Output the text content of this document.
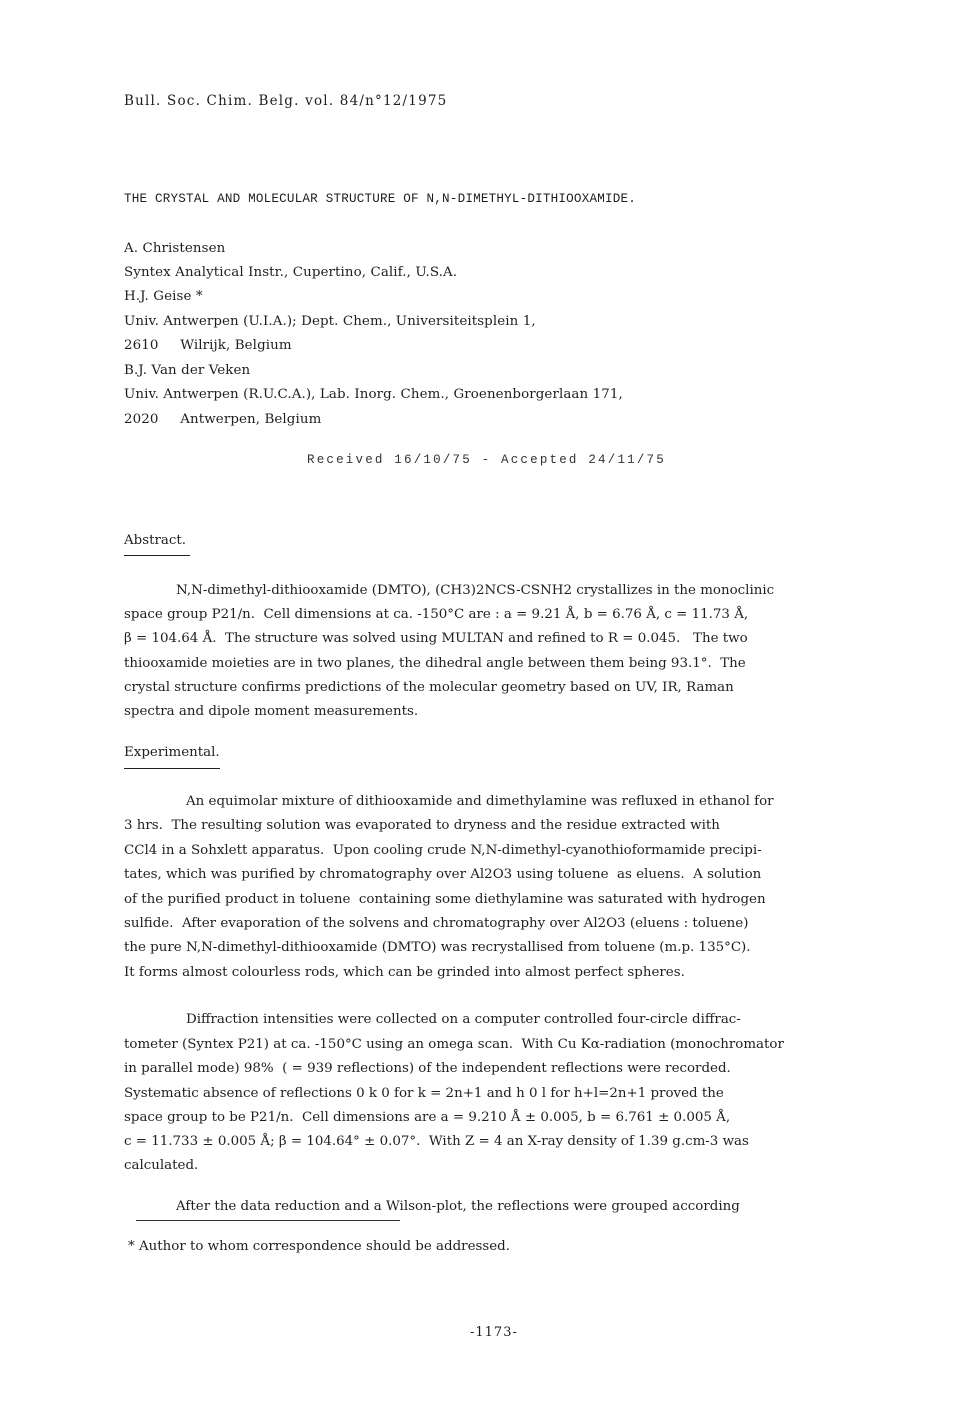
Bull. Soc. Chim. Belg. vol. 84/n°12/1975
THE CRYSTAL AND MOLECULAR STRUCTURE OF N,N-DIMETHYL-DITHIOOXAMIDE.
A. Christensen
Syntex Analytical Instr., Cupertino, Calif., U.S.A.
H.J. Geise *
Univ. Antwerpen (U.I.A.); Dept. Chem., Universiteitsplein 1,
2610     Wilrijk, Belgium
B.J. Van der Veken
Univ. Antwerpen (R.U.C.A.), Lab. Inorg. Chem., Groenenborgerlaan 171,
2020     Antwerpen, Belgium
Received 16/10/75 - Accepted 24/11/75
Abstract.
N,N-dimethyl-dithiooxamide (DMTO), (CH3)2NCS-CSNH2 crystallizes in the monoclinic
space group P21/n.  Cell dimensions at ca. -150°C are : a = 9.21 Å, b = 6.76 Å, c = 11.73 Å,
β = 104.64 Å.  The structure was solved using MULTAN and refined to R = 0.045.   The two
thiooxamide moieties are in two planes, the dihedral angle between them being 93.1°.  The
crystal structure confirms predictions of the molecular geometry based on UV, IR, Raman
spectra and dipole moment measurements.
Experimental.
An equimolar mixture of dithiooxamide and dimethylamine was refluxed in ethanol for
3 hrs.  The resulting solution was evaporated to dryness and the residue extracted with
CCl4 in a Sohxlett apparatus.  Upon cooling crude N,N-dimethyl-cyanothioformamide precipi-
tates, which was purified by chromatography over Al2O3 using toluene  as eluens.  A solution
of the purified product in toluene  containing some diethylamine was saturated with hydrogen
sulfide.  After evaporation of the solvens and chromatography over Al2O3 (eluens : toluene)
the pure N,N-dimethyl-dithiooxamide (DMTO) was recrystallised from toluene (m.p. 135°C).
It forms almost colourless rods, which can be grinded into almost perfect spheres.
Diffraction intensities were collected on a computer controlled four-circle diffrac-
tometer (Syntex P21) at ca. -150°C using an omega scan.  With Cu Kα-radiation (monochromator
in parallel mode) 98%  ( = 939 reflections) of the independent reflections were recorded.
Systematic absence of reflections 0 k 0 for k = 2n+1 and h 0 l for h+l=2n+1 proved the
space group to be P21/n.  Cell dimensions are a = 9.210 Å ± 0.005, b = 6.761 ± 0.005 Å,
c = 11.733 ± 0.005 Å; β = 104.64° ± 0.07°.  With Z = 4 an X-ray density of 1.39 g.cm-3 was
calculated.
After the data reduction and a Wilson-plot, the reflections were grouped according
* Author to whom correspondence should be addressed.
-1173-
